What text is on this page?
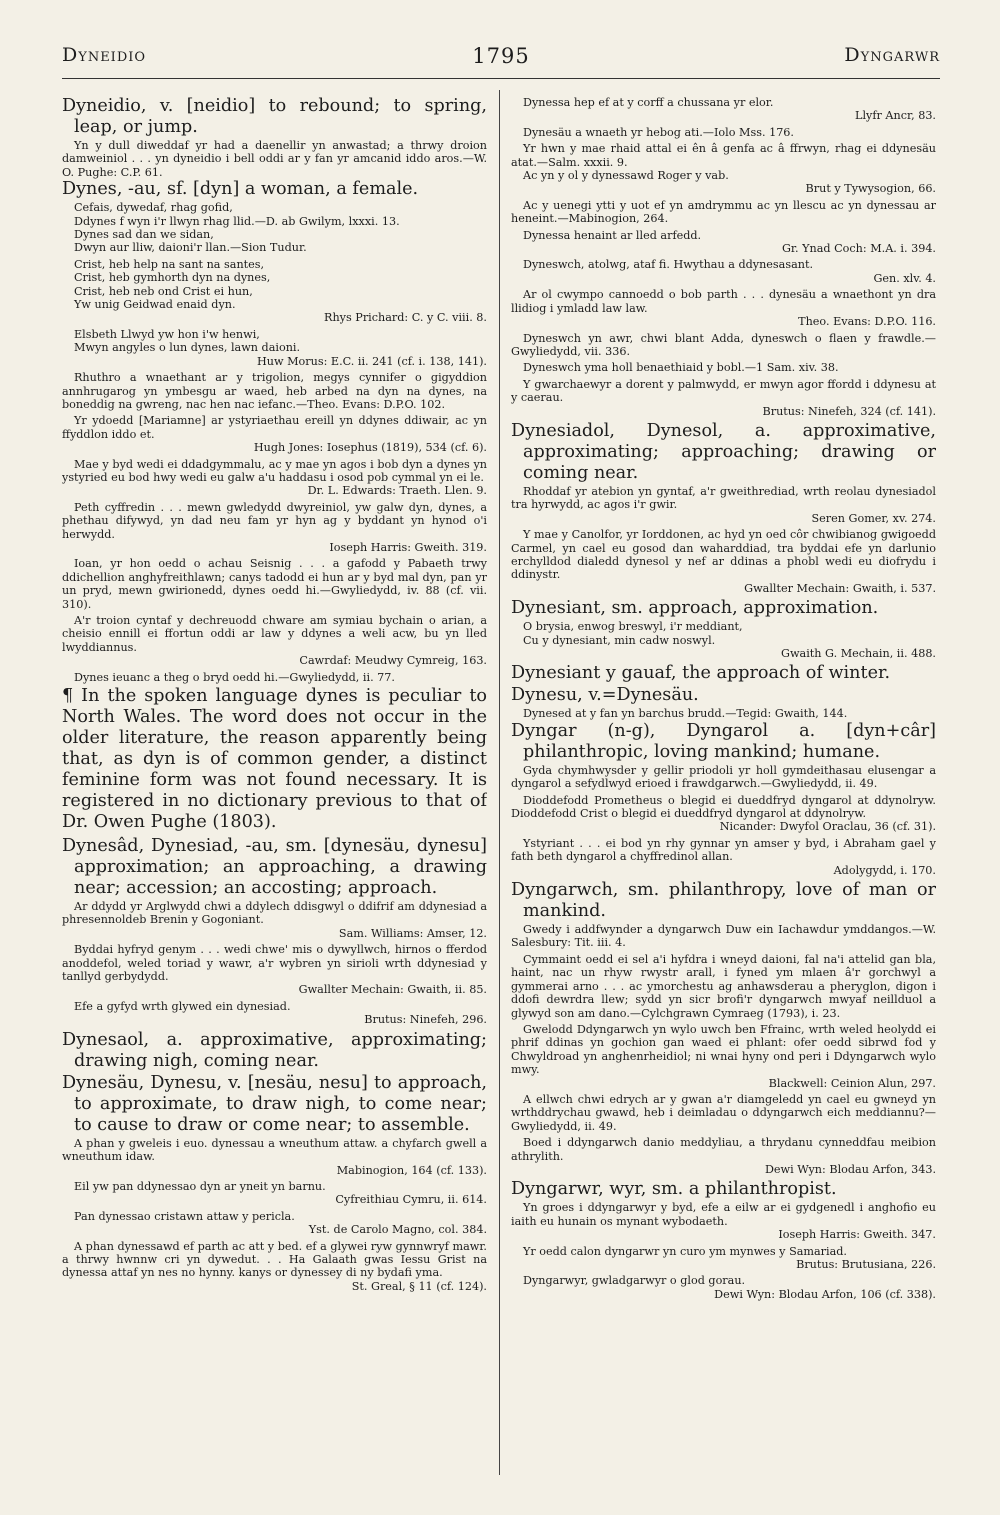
Dyneidio	1795	Dyngarwr

Dyneidio, v. [neidio] to rebound; to spring, leap, or jump.

Yn y dull diweddaf yr had a daenellir yn anwastad; a thrwy droion damweiniol . . . yn dyneidio i bell oddi ar y fan yr amcanid iddo aros.—W. O. Pughe: C.P. 61.

Dynes, -au, sf. [dyn] a woman, a female.

Cefais, dywedaf, rhag gofid,

Ddynes f wyn i'r llwyn rhag llid.—D. ab Gwilym, lxxxi. 13.

Dynes sad dan we sidan,

Dwyn aur lliw, daioni'r llan.—Sion Tudur.

Crist, heb help na sant na santes,

Crist, heb gymhorth dyn na dynes,

Crist, heb neb ond Crist ei hun,

Yw unig Geidwad enaid dyn.

Rhys Prichard: C. y C. viii. 8.

Elsbeth Llwyd yw hon i'w henwi,

Mwyn angyles o lun dynes, lawn daioni.

Huw Morus: E.C. ii. 241 (cf. i. 138, 141).

Rhuthro a wnaethant ar y trigolion, megys cynnifer o gigyddion annhrugarog yn ymbesgu ar waed, heb arbed na dyn na dynes, na boneddig na gwreng, nac hen nac iefanc.—Theo. Evans: D.P.O. 102.

Yr ydoedd [Mariamne] ar ystyriaethau ereill yn ddynes ddiwair, ac yn ffyddlon iddo et.

Hugh Jones: Iosephus (1819), 534 (cf. 6).

Mae y byd wedi ei ddadgymmalu, ac y mae yn agos i bob dyn a dynes yn ystyried eu bod hwy wedi eu galw a'u haddasu i osod pob cymmal yn ei le.

Dr. L. Edwards: Traeth. Llen. 9.

Peth cyffredin . . . mewn gwledydd dwyreiniol, yw galw dyn, dynes, a phethau difywyd, yn dad neu fam yr hyn ag y byddant yn hynod o'i herwydd.

Ioseph Harris: Gweith. 319.

Ioan, yr hon oedd o achau Seisnig . . . a gafodd y Pabaeth trwy ddichellion anghyfreithlawn; canys tadodd ei hun ar y byd mal dyn, pan yr un pryd, mewn gwirionedd, dynes oedd hi.—Gwyliedydd, iv. 88 (cf. vii. 310).

A'r troion cyntaf y dechreuodd chware am symiau bychain o arian, a cheisio ennill ei ffortun oddi ar law y ddynes a weli acw, bu yn lled lwyddiannus.

Cawrdaf: Meudwy Cymreig, 163.

Dynes ieuanc a theg o bryd oedd hi.—Gwyliedydd, ii. 77.

¶ In the spoken language dynes is peculiar to North Wales. The word does not occur in the older literature, the reason apparently being that, as dyn is of common gender, a distinct feminine form was not found necessary. It is registered in no dictionary previous to that of Dr. Owen Pughe (1803).

Dynesâd, Dynesiad, -au, sm. [dynesäu, dynesu] approximation; an approaching, a drawing near; accession; an accosting; approach.

Ar ddydd yr Arglwydd chwi a ddylech ddisgwyl o ddifrif am ddynesiad a phresennoldeb Brenin y Gogoniant.

Sam. Williams: Amser, 12.

Byddai hyfryd genym . . . wedi chwe' mis o dywyllwch, hirnos o fferdod anoddefol, weled toriad y wawr, a'r wybren yn sirioli wrth ddynesiad y tanllyd gerbydydd.

Gwallter Mechain: Gwaith, ii. 85.

Efe a gyfyd wrth glywed ein dynesiad.

Brutus: Ninefeh, 296.

Dynesaol, a. approximative, approximating; drawing nigh, coming near.

Dynesäu, Dynesu, v. [nesäu, nesu] to approach, to approximate, to draw nigh, to come near; to cause to draw or come near; to assemble.

A phan y gweleis i euo. dynessau a wneuthum attaw. a chyfarch gwell a wneuthum idaw.

Mabinogion, 164 (cf. 133).

Eil yw pan ddynessao dyn ar yneit yn barnu.

Cyfreithiau Cymru, ii. 614.

Pan dynessao cristawn attaw y pericla.

Yst. de Carolo Magno, col. 384.

A phan dynessawd ef parth ac att y bed. ef a glywei ryw gynnwryf mawr. a thrwy hwnnw cri yn dywedut. . . Ha Galaath gwas Iessu Grist na dynessa attaf yn nes no hynny. kanys or dynessey di ny bydafi yma.

St. Greal, § 11 (cf. 124).

Dynessa hep ef at y corff a chussana yr elor.

Llyfr Ancr, 83.

Dynesäu a wnaeth yr hebog ati.—Iolo Mss. 176.

Yr hwn y mae rhaid attal ei ên â genfa ac â ffrwyn, rhag ei ddynesäu atat.—Salm. xxxii. 9.

Ac yn y ol y dynessawd Roger y vab.

Brut y Tywysogion, 66.

Ac y uenegi ytti y uot ef yn amdrymmu ac yn llescu ac yn dynessau ar heneint.—Mabinogion, 264.

Dynessa henaint ar lled arfedd.

Gr. Ynad Coch: M.A. i. 394.

Dyneswch, atolwg, ataf fi. Hwythau a ddynesasant.

Gen. xlv. 4.

Ar ol cwympo cannoedd o bob parth . . . dynesäu a wnaethont yn dra llidiog i ymladd law law.

Theo. Evans: D.P.O. 116.

Dyneswch yn awr, chwi blant Adda, dyneswch o flaen y frawdle.—Gwyliedydd, vii. 336.

Dyneswch yma holl benaethiaid y bobl.—1 Sam. xiv. 38.

Y gwarchaewyr a dorent y palmwydd, er mwyn agor ffordd i ddynesu at y caerau.

Brutus: Ninefeh, 324 (cf. 141).

Dynesiadol, Dynesol, a. approximative, approximating; approaching; drawing or coming near.

Rhoddaf yr atebion yn gyntaf, a'r gweithrediad, wrth reolau dynesiadol tra hyrwydd, ac agos i'r gwir.

Seren Gomer, xv. 274.

Y mae y Canolfor, yr Iorddonen, ac hyd yn oed côr chwibianog gwigoedd Carmel, yn cael eu gosod dan waharddiad, tra byddai efe yn darlunio erchylldod dialedd dynesol y nef ar ddinas a phobl wedi eu diofrydu i ddinystr.

Gwallter Mechain: Gwaith, i. 537.

Dynesiant, sm. approach, approximation.

O brysia, enwog breswyl, i'r meddiant,

Cu y dynesiant, min cadw noswyl.

Gwaith G. Mechain, ii. 488.

Dynesiant y gauaf, the approach of winter.

Dynesu, v.=Dynesäu.

Dynesed at y fan yn barchus brudd.—Tegid: Gwaith, 144.

Dyngar (n-g), Dyngarol a. [dyn+câr] philanthropic, loving mankind; humane.

Gyda chymhwysder y gellir priodoli yr holl gymdeithasau elusengar a dyngarol a sefydlwyd erioed i frawdgarwch.—Gwyliedydd, ii. 49.

Dioddefodd Prometheus o blegid ei dueddfryd dyngarol at ddynolryw. Dioddefodd Crist o blegid ei dueddfryd dyngarol at ddynolryw.

Nicander: Dwyfol Oraclau, 36 (cf. 31).

Ystyriant . . . ei bod yn rhy gynnar yn amser y byd, i Abraham gael y fath beth dyngarol a chyffredinol allan.

Adolygydd, i. 170.

Dyngarwch, sm. philanthropy, love of man or mankind.

Gwedy i addfwynder a dyngarwch Duw ein Iachawdur ymddangos.—W. Salesbury: Tit. iii. 4.

Cymmaint oedd ei sel a'i hyfdra i wneyd daioni, fal na'i attelid gan bla, haint, nac un rhyw rwystr arall, i fyned ym mlaen â'r gorchwyl a gymmerai arno . . . ac ymorchestu ag anhawsderau a pheryglon, digon i ddofi dewrdra llew; sydd yn sicr brofi'r dyngarwch mwyaf neillduol a glywyd son am dano.—Cylchgrawn Cymraeg (1793), i. 23.

Gwelodd Ddyngarwch yn wylo uwch ben Ffrainc, wrth weled heolydd ei phrif ddinas yn gochion gan waed ei phlant: ofer oedd sibrwd fod y Chwyldroad yn anghenrheidiol; ni wnai hyny ond peri i Ddyngarwch wylo mwy.

Blackwell: Ceinion Alun, 297.

A ellwch chwi edrych ar y gwan a'r diamgeledd yn cael eu gwneyd yn wrthddrychau gwawd, heb i deimladau o ddyngarwch eich meddiannu?—Gwyliedydd, ii. 49.

Boed i ddyngarwch danio meddyliau, a thrydanu cynneddfau meibion athrylith.

Dewi Wyn: Blodau Arfon, 343.

Dyngarwr, wyr, sm. a philanthropist.

Yn groes i ddyngarwyr y byd, efe a eilw ar ei gydgenedl i anghofio eu iaith eu hunain os mynant wybodaeth.

Ioseph Harris: Gweith. 347.

Yr oedd calon dyngarwr yn curo ym mynwes y Samariad.

Brutus: Brutusiana, 226.

Dyngarwyr, gwladgarwyr o glod gorau.

Dewi Wyn: Blodau Arfon, 106 (cf. 338).
